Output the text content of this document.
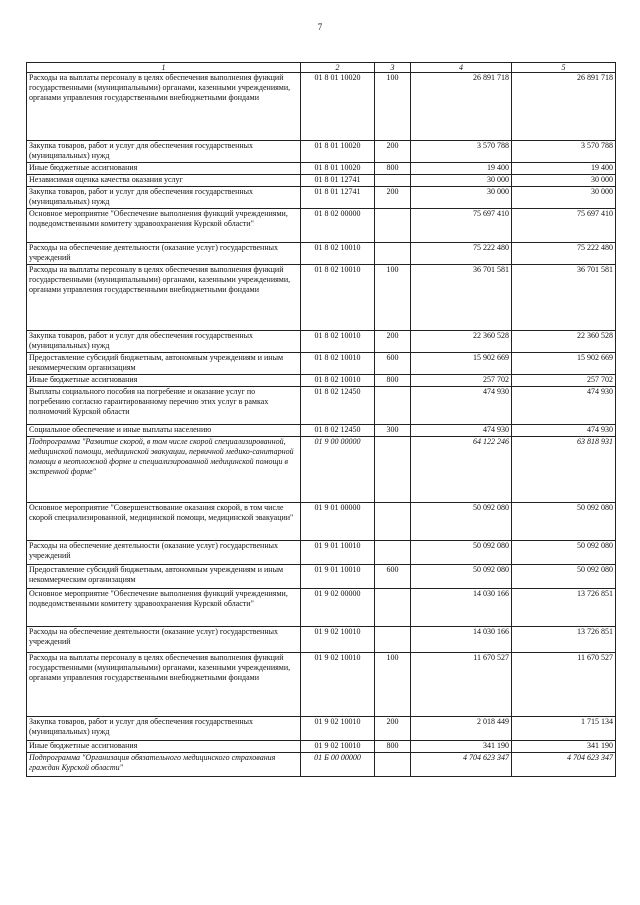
7
1	2	3	4	5
Расходы на выплаты персоналу в целях обеспечения выполнения функций государственными (муниципальными) органами, казенными учреждениями, органами управления государственными внебюджетными фондами	01 8 01 10020	100	26 891 718	26 891 718
Закупка товаров, работ и услуг для обеспечения государственных (муниципальных) нужд	01 8 01 10020	200	3 570 788	3 570 788
Иные бюджетные ассигнования	01 8 01 10020	800	19 400	19 400
Независимая оценка качества оказания услуг	01 8 01 12741		30 000	30 000
Закупка товаров, работ и услуг для обеспечения государственных (муниципальных) нужд	01 8 01 12741	200	30 000	30 000
Основное мероприятие "Обеспечение выполнения функций учреждениями, подведомственными комитету здравоохранения Курской области"	01 8 02 00000		75 697 410	75 697 410
Расходы на обеспечение деятельности (оказание услуг) государственных учреждений	01 8 02 10010		75 222 480	75 222 480
Расходы на выплаты персоналу в целях обеспечения выполнения функций государственными (муниципальными) органами, казенными учреждениями, органами управления государственными внебюджетными фондами	01 8 02 10010	100	36 701 581	36 701 581
Закупка товаров, работ и услуг для обеспечения государственных (муниципальных) нужд	01 8 02 10010	200	22 360 528	22 360 528
Предоставление субсидий бюджетным, автономным учреждениям и иным некоммерческим организациям	01 8 02 10010	600	15 902 669	15 902 669
Иные бюджетные ассигнования	01 8 02 10010	800	257 702	257 702
Выплаты социального пособия на погребение и оказание услуг по погребению согласно гарантированному перечню этих услуг в рамках полномочий Курской области	01 8 02 12450		474 930	474 930
Социальное обеспечение и иные выплаты населению	01 8 02 12450	300	474 930	474 930
Подпрограмма "Развитие скорой, в том числе скорой специализированной, медицинской помощи, медицинской эвакуации, первичной медико-санитарной помощи в неотложной форме и специализированной медицинской помощи в экстренной форме"	01 9 00 00000		64 122 246	63 818 931
Основное мероприятие "Совершенствование оказания скорой, в том числе скорой специализированной, медицинской помощи, медицинской эвакуации"	01 9 01 00000		50 092 080	50 092 080
Расходы на обеспечение деятельности (оказание услуг) государственных учреждений	01 9 01 10010		50 092 080	50 092 080
Предоставление субсидий бюджетным, автономным учреждениям и иным некоммерческим организациям	01 9 01 10010	600	50 092 080	50 092 080
Основное мероприятие "Обеспечение выполнения функций учреждениями, подведомственными комитету здравоохранения Курской области"	01 9 02 00000		14 030 166	13 726 851
Расходы на обеспечение деятельности (оказание услуг) государственных учреждений	01 9 02 10010		14 030 166	13 726 851
Расходы на выплаты персоналу в целях обеспечения выполнения функций государственными (муниципальными) органами, казенными учреждениями, органами управления государственными внебюджетными фондами	01 9 02 10010	100	11 670 527	11 670 527
Закупка товаров, работ и услуг для обеспечения государственных (муниципальных) нужд	01 9 02 10010	200	2 018 449	1 715 134
Иные бюджетные ассигнования	01 9 02 10010	800	341 190	341 190
Подпрограмма "Организация обязательного медицинского страхования граждан Курской области"	01 Б 00 00000		4 704 623 347	4 704 623 347
